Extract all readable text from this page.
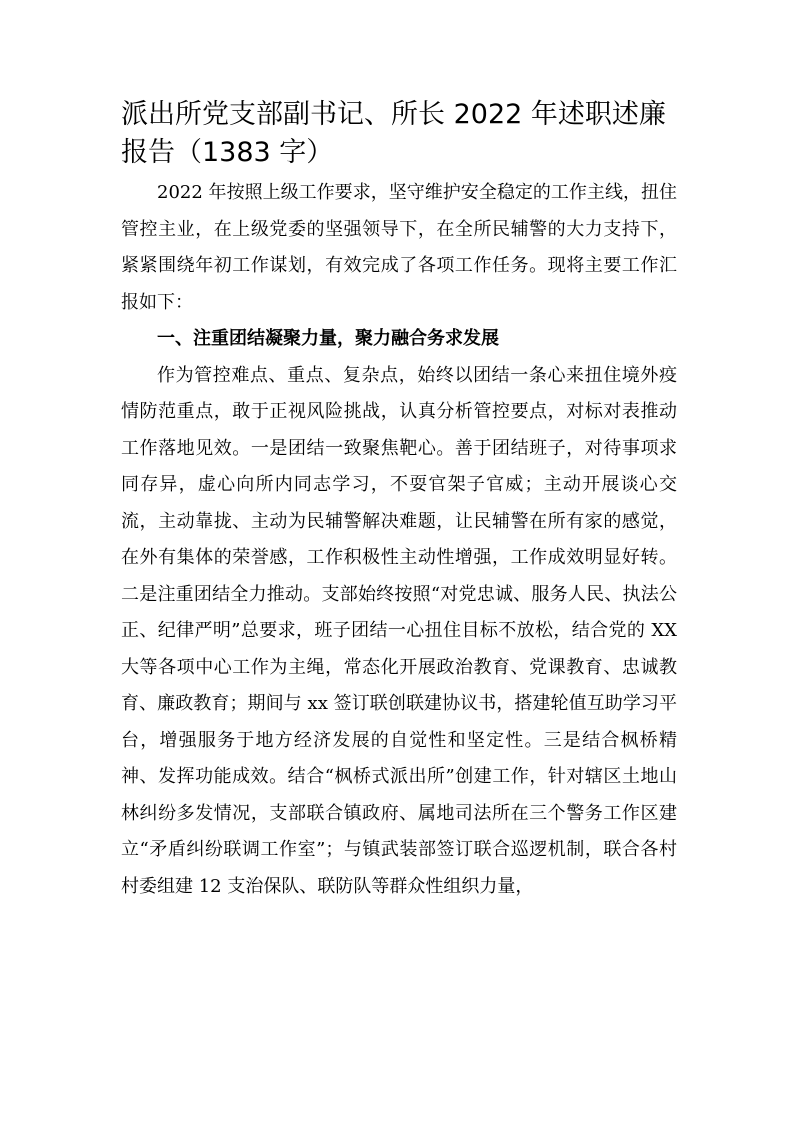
派出所党支部副书记、所长 2022 年述职述廉报告（1383 字）

2022 年按照上级工作要求，坚守维护安全稳定的工作主线，扭住管控主业，在上级党委的坚强领导下，在全所民辅警的大力支持下，紧紧围绕年初工作谋划，有效完成了各项工作任务。现将主要工作汇报如下：

一、注重团结凝聚力量，聚力融合务求发展

作为管控难点、重点、复杂点，始终以团结一条心来扭住境外疫情防范重点，敢于正视风险挑战，认真分析管控要点，对标对表推动工作落地见效。一是团结一致聚焦靶心。善于团结班子，对待事项求同存异，虚心向所内同志学习，不耍官架子官威；主动开展谈心交流，主动靠拢、主动为民辅警解决难题，让民辅警在所有家的感觉，在外有集体的荣誉感，工作积极性主动性增强，工作成效明显好转。二是注重团结全力推动。支部始终按照“对党忠诚、服务人民、执法公正、纪律严明”总要求，班子团结一心扭住目标不放松，结合党的 XX 大等各项中心工作为主绳，常态化开展政治教育、党课教育、忠诚教育、廉政教育；期间与 xx 签订联创联建协议书，搭建轮值互助学习平台，增强服务于地方经济发展的自觉性和坚定性。三是结合枫桥精神、发挥功能成效。结合“枫桥式派出所”创建工作，针对辖区土地山林纠纷多发情况，支部联合镇政府、属地司法所在三个警务工作区建立“矛盾纠纷联调工作室”；与镇武装部签订联合巡逻机制，联合各村村委组建 12 支治保队、联防队等群众性组织力量，
